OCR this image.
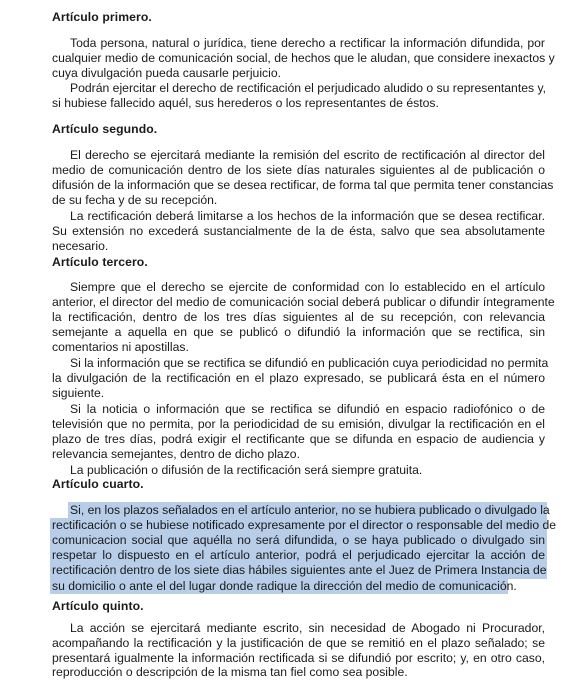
Artículo primero.
Toda persona, natural o jurídica, tiene derecho a rectificar la información difundida, por
cualquier medio de comunicación social, de hechos que le aludan, que considere inexactos y
cuya divulgación pueda causarle perjuicio.
Podrán ejercitar el derecho de rectificación el perjudicado aludido o su representantes y,
si hubiese fallecido aquél, sus herederos o los representantes de éstos.
Artículo segundo.
El derecho se ejercitará mediante la remisión del escrito de rectificación al director del
medio de comunicación dentro de los siete días naturales siguientes al de publicación o
difusión de la información que se desea rectificar, de forma tal que permita tener constancias
de su fecha y de su recepción.
La rectificación deberá limitarse a los hechos de la información que se desea rectificar.
Su extensión no excederá sustancialmente de la de ésta, salvo que sea absolutamente
necesario.
Artículo tercero.
Siempre que el derecho se ejercite de conformidad con lo establecido en el artículo
anterior, el director del medio de comunicación social deberá publicar o difundir íntegramente
la rectificación, dentro de los tres días siguientes al de su recepción, con relevancia
semejante a aquella en que se publicó o difundió la información que se rectifica, sin
comentarios ni apostillas.
Si la información que se rectifica se difundió en publicación cuya periodicidad no permita
la divulgación de la rectificación en el plazo expresado, se publicará ésta en el número
siguiente.
Si la noticia o información que se rectifica se difundió en espacio radiofónico o de
televisión que no permita, por la periodicidad de su emisión, divulgar la rectificación en el
plazo de tres días, podrá exigir el rectificante que se difunda en espacio de audiencia y
relevancia semejantes, dentro de dicho plazo.
La publicación o difusión de la rectificación será siempre gratuita.
Artículo cuarto.
Si, en los plazos señalados en el artículo anterior, no se hubiera publicado o divulgado la
rectificación o se hubiese notificado expresamente por el director o responsable del medio de
comunicacion social que aquélla no será difundida, o se haya publicado o divulgado sin
respetar lo dispuesto en el artículo anterior, podrá el perjudicado ejercitar la acción de
rectificación dentro de los siete dias hábiles siguientes ante el Juez de Primera Instancia de
su domicilio o ante el del lugar donde radique la dirección del medio de comunicación.
Artículo quinto.
La acción se ejercitará mediante escrito, sin necesidad de Abogado ni Procurador,
acompañando la rectificación y la justificación de que se remitió en el plazo señalado; se
presentará igualmente la información rectificada si se difundió por escrito; y, en otro caso,
reproducción o descripción de la misma tan fiel como sea posible.
